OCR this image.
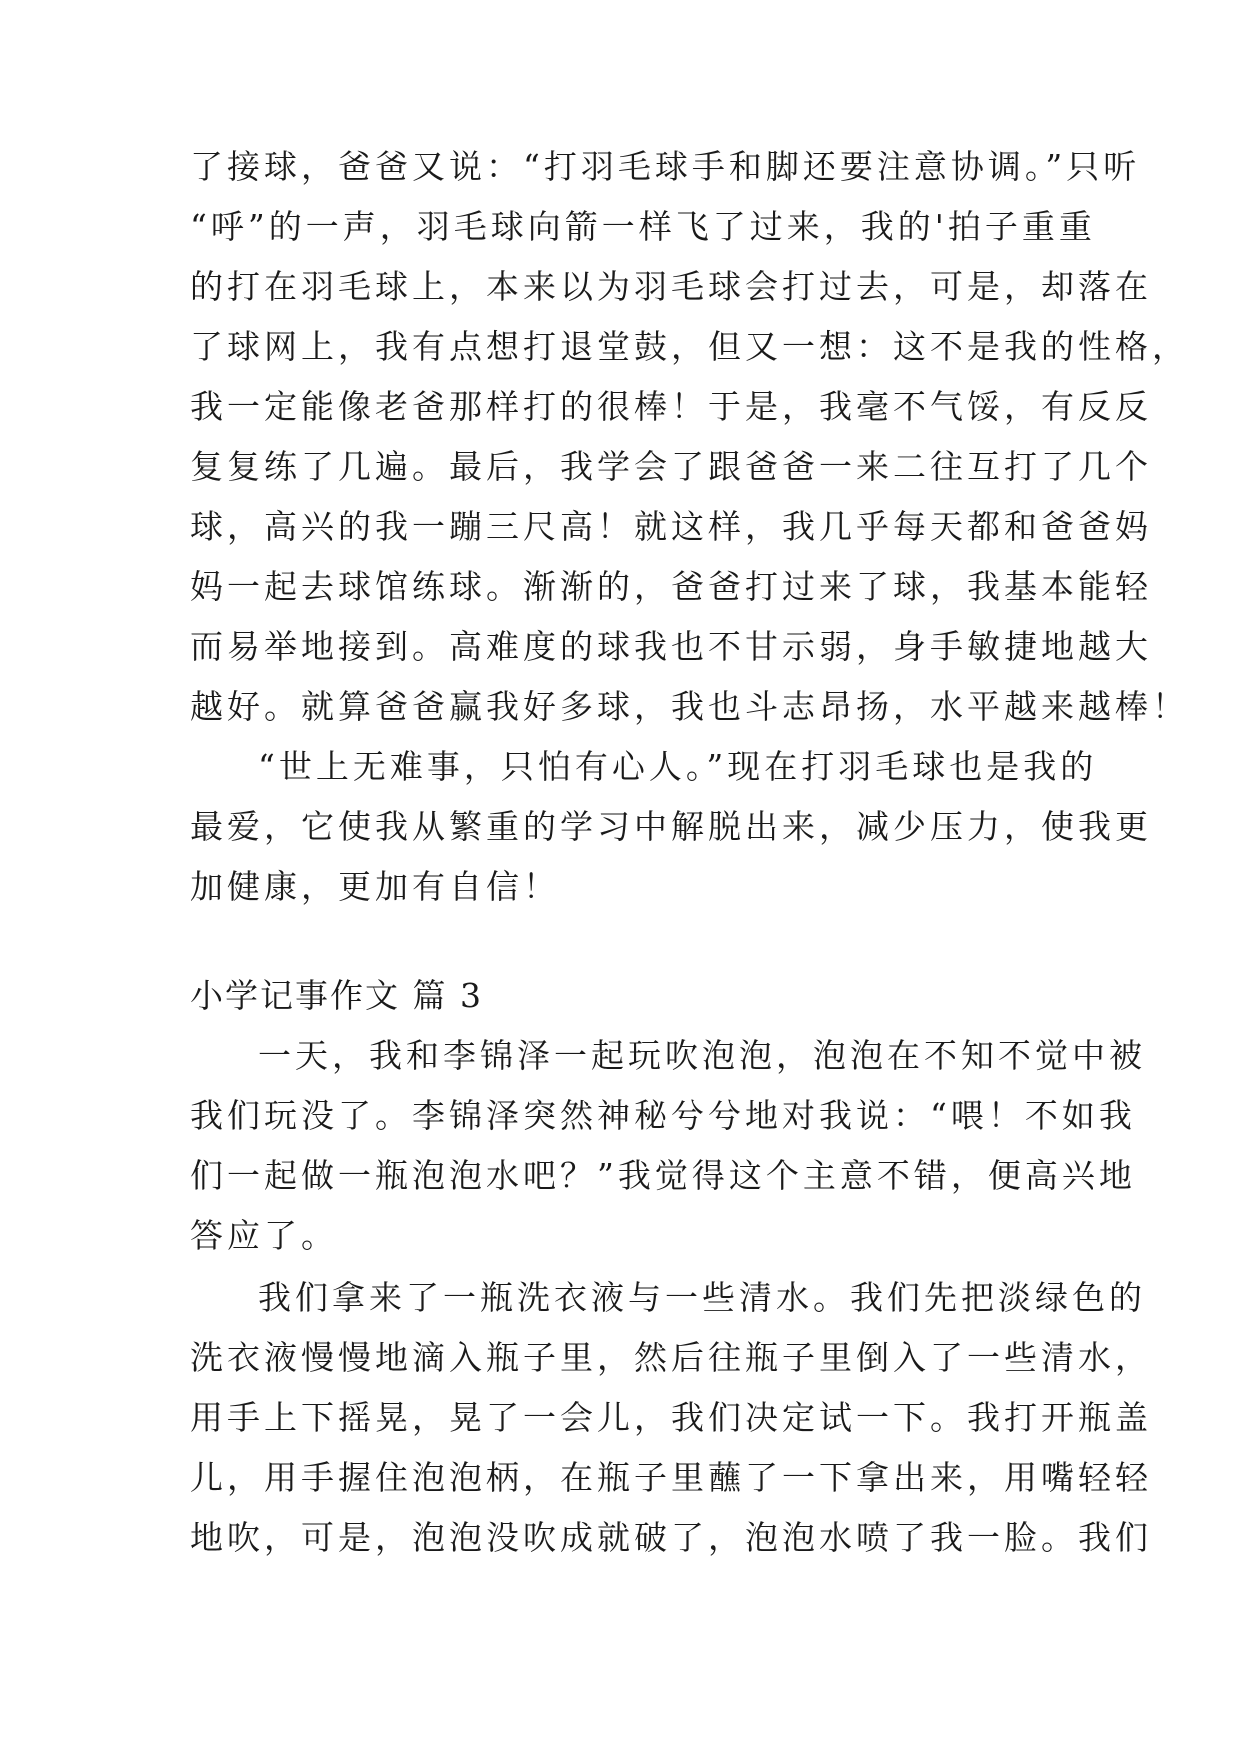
了接球，爸爸又说：“打羽毛球手和脚还要注意协调。”只听
“呼”的一声，羽毛球向箭一样飞了过来，我的'拍子重重
的打在羽毛球上，本来以为羽毛球会打过去，可是，却落在
了球网上，我有点想打退堂鼓，但又一想：这不是我的性格，
我一定能像老爸那样打的很棒！于是，我毫不气馁，有反反
复复练了几遍。最后，我学会了跟爸爸一来二往互打了几个
球，高兴的我一蹦三尺高！就这样，我几乎每天都和爸爸妈
妈一起去球馆练球。渐渐的，爸爸打过来了球，我基本能轻
而易举地接到。高难度的球我也不甘示弱，身手敏捷地越大
越好。就算爸爸赢我好多球，我也斗志昂扬，水平越来越棒！
“世上无难事，只怕有心人。”现在打羽毛球也是我的
最爱，它使我从繁重的学习中解脱出来，减少压力，使我更
加健康，更加有自信！
小学记事作文 篇 3
一天，我和李锦泽一起玩吹泡泡，泡泡在不知不觉中被
我们玩没了。李锦泽突然神秘兮兮地对我说：“喂！不如我
们一起做一瓶泡泡水吧？”我觉得这个主意不错，便高兴地
答应了。
我们拿来了一瓶洗衣液与一些清水。我们先把淡绿色的
洗衣液慢慢地滴入瓶子里，然后往瓶子里倒入了一些清水，
用手上下摇晃，晃了一会儿，我们决定试一下。我打开瓶盖
儿，用手握住泡泡柄，在瓶子里蘸了一下拿出来，用嘴轻轻
地吹，可是，泡泡没吹成就破了，泡泡水喷了我一脸。我们
